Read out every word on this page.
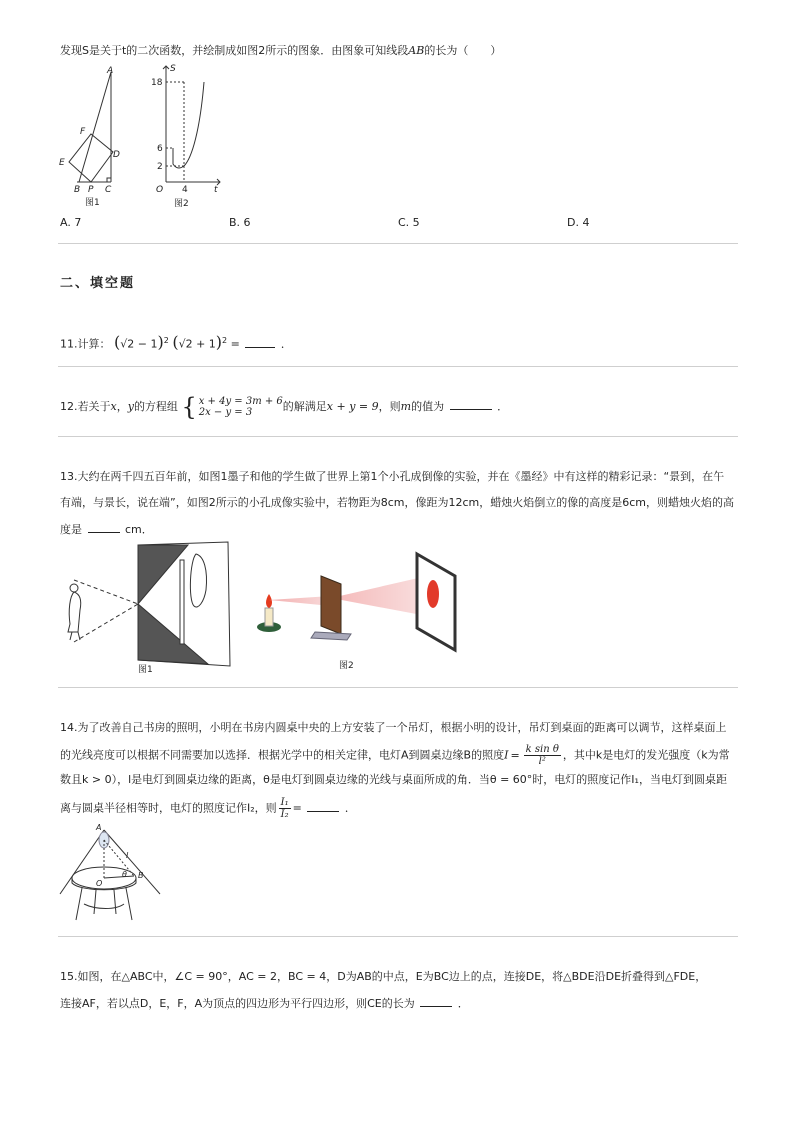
发现S是关于t的二次函数，并绘制成如图2所示的图象．由图象可知线段AB的长为（　　）
A
F
E
D
B P C
图1
S
18
6
2
O 4	t
图2
A. 7	B. 6	C. 5	D. 4
二、填空题
11.计算： $(√2 - 1)^2$ $(√2 + 1)^2$ =	．
12.若关于x，y的方程组 { x + 4y = 3m + 6
2x − y = 3	的解满足x + y = 9，则m的值为	．
13.大约在两千四五百年前，如图1墨子和他的学生做了世界上第1个小孔成倒像的实验，并在《墨经》中有这样的精彩记录：“景到，在午
有端，与景长，说在端”，如图2所示的小孔成像实验中，若物距为8cm，像距为12cm，蜡烛火焰倒立的像的高度是6cm，则蜡烛火焰的高
度是	cm．
图1	图2
14.为了改善自己书房的照明，小明在书房内圆桌中央的上方安装了一个吊灯，根据小明的设计，吊灯到桌面的距离可以调节，这样桌面上
的光线亮度可以根据不同需要加以选择．根据光学中的相关定律，电灯A到圆桌边缘B的照度$I = \frac{\text{k sin θ}}{\text{l²}}$ ，其中k是电灯的发光强度（k为常
数且k > 0），l是电灯到圆桌边缘的距离，θ是电灯到圆桌边缘的光线与桌面所成的角．当θ = 60°时，电灯的照度记作I₁，当电灯到圆桌距
离与圆桌半径相等时，电灯的照度记作I₂，则 $\frac{\text{I₁}}{\text{I₂}}$ =	．
A
l
O
θ B
15.如图，在△ABC中，∠C = 90°，AC = 2，BC = 4，D为AB的中点，E为BC边上的点，连接DE，将△BDE沿DE折叠得到△FDE，
连接AF，若以点D，E，F，A为顶点的四边形为平行四边形，则CE的长为	．
